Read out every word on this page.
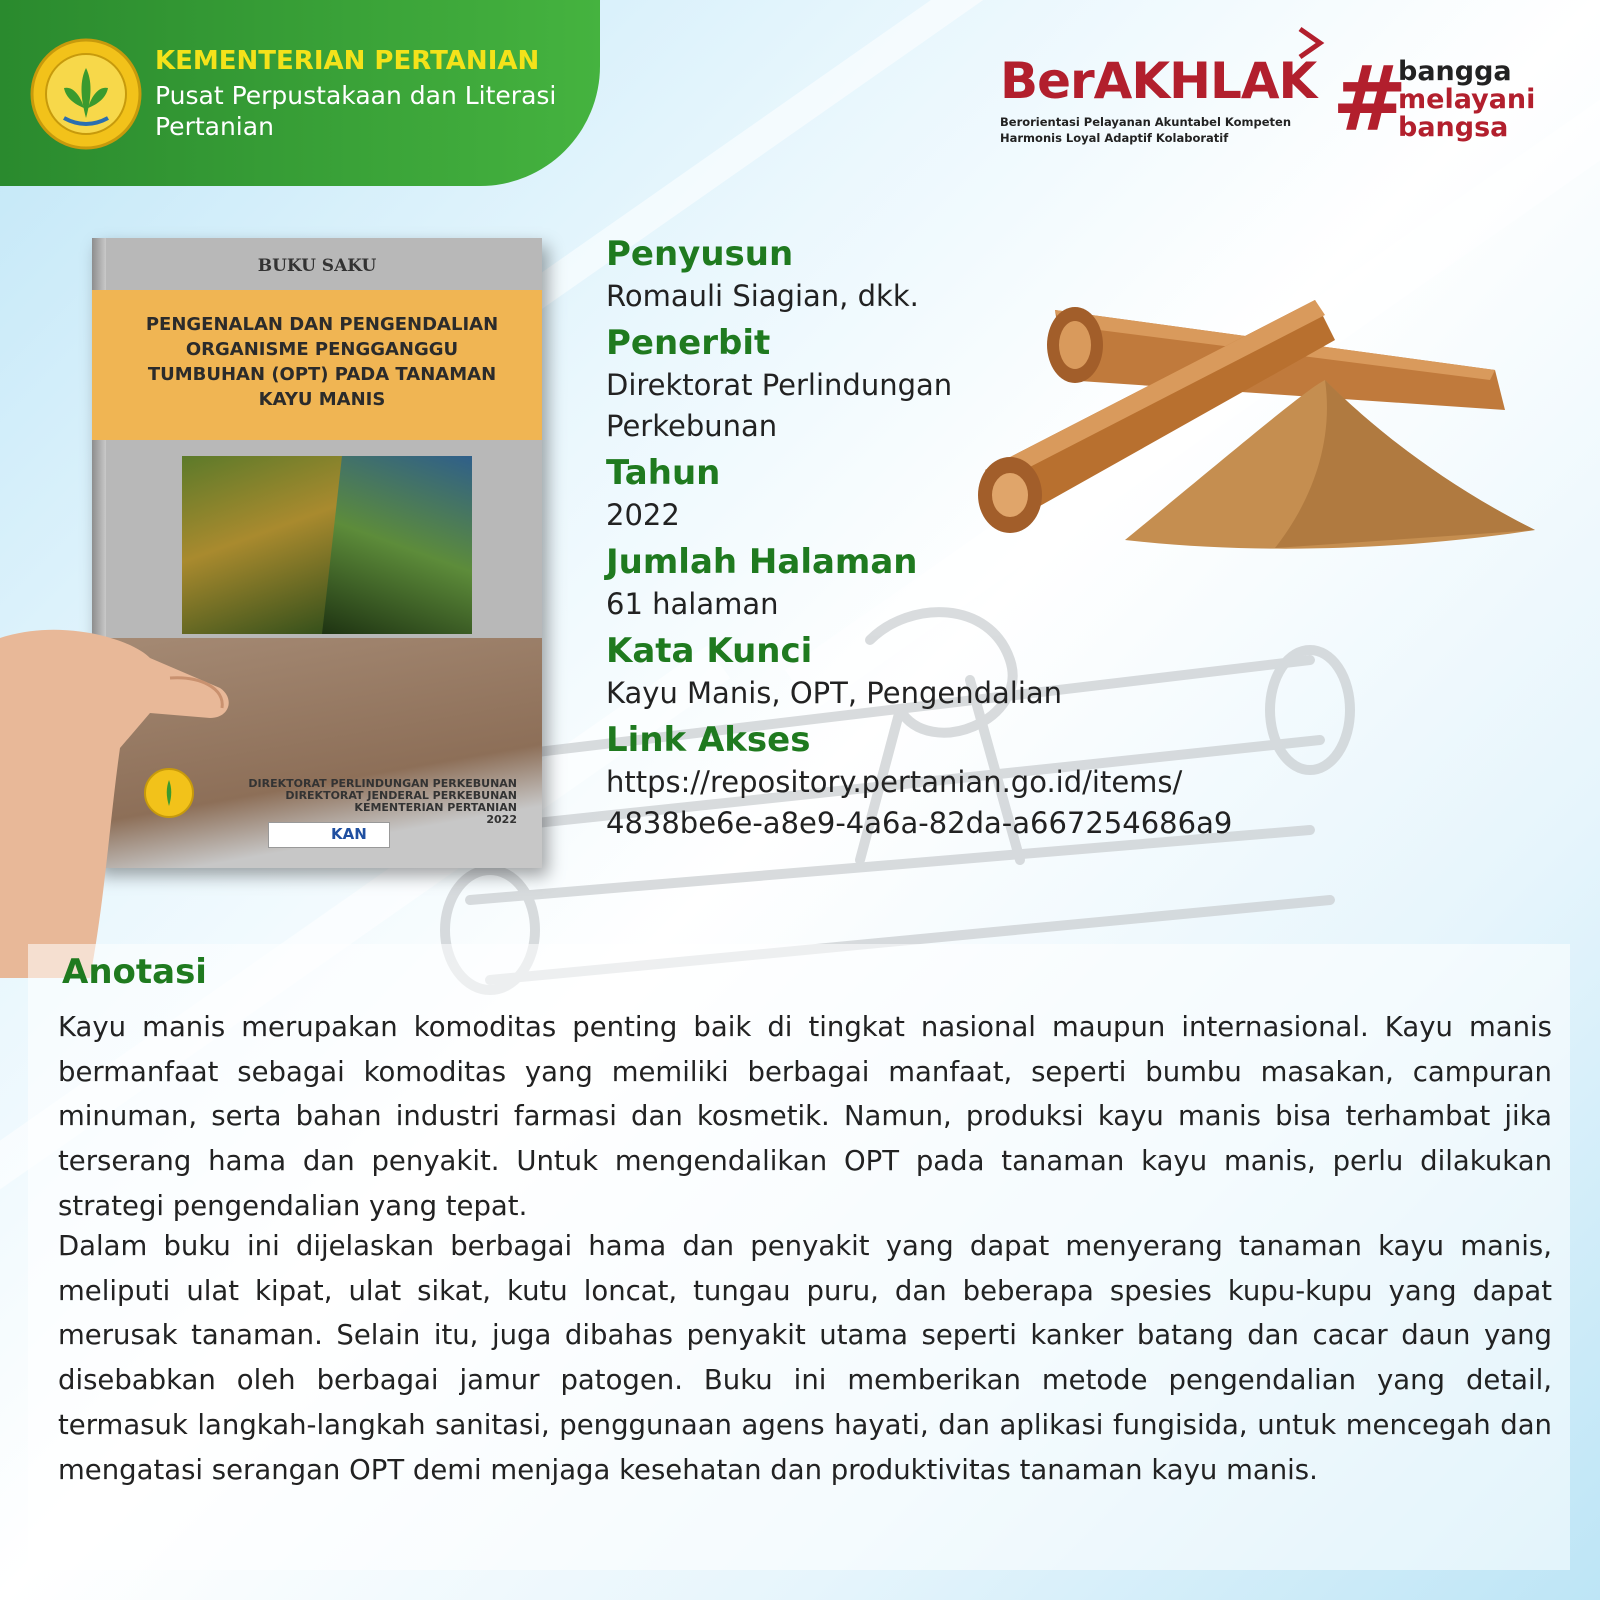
KEMENTERIAN PERTANIAN
Pusat Perpustakaan dan Literasi Pertanian
BerAKHLAK
Berorientasi Pelayanan Akuntabel Kompeten
Harmonis Loyal Adaptif Kolaboratif	#
bangga
melayani
bangsa
BUKU SAKU
PENGENALAN DAN PENGENDALIAN ORGANISME PENGGANGGU TUMBUHAN (OPT) PADA TANAMAN KAYU MANIS
DIREKTORAT PERLINDUNGAN PERKEBUNAN
DIREKTORAT JENDERAL PERKEBUNAN
KEMENTERIAN PERTANIAN
2022
KAN
Penyusun
Romauli Siagian, dkk.
Penerbit
Direktorat Perlindungan Perkebunan
Tahun
2022
Jumlah Halaman
61 halaman
Kata Kunci
Kayu Manis, OPT, Pengendalian
Link Akses
https://repository.pertanian.go.id/items/
4838be6e-a8e9-4a6a-82da-a667254686a9
Anotasi
Kayu manis merupakan komoditas penting baik di tingkat nasional maupun internasional. Kayu manis bermanfaat sebagai komoditas yang memiliki berbagai manfaat, seperti bumbu masakan, campuran minuman, serta bahan industri farmasi dan kosmetik. Namun, produksi kayu manis bisa terhambat jika terserang hama dan penyakit. Untuk mengendalikan OPT pada tanaman kayu manis, perlu dilakukan strategi pengendalian yang tepat.
Dalam buku ini dijelaskan berbagai hama dan penyakit yang dapat menyerang tanaman kayu manis, meliputi ulat kipat, ulat sikat, kutu loncat, tungau puru, dan beberapa spesies kupu-kupu yang dapat merusak tanaman. Selain itu, juga dibahas penyakit utama seperti kanker batang dan cacar daun yang disebabkan oleh berbagai jamur patogen. Buku ini memberikan metode pengendalian yang detail, termasuk langkah-langkah sanitasi, penggunaan agens hayati, dan aplikasi fungisida, untuk mencegah dan mengatasi serangan OPT demi menjaga kesehatan dan produktivitas tanaman kayu manis.
